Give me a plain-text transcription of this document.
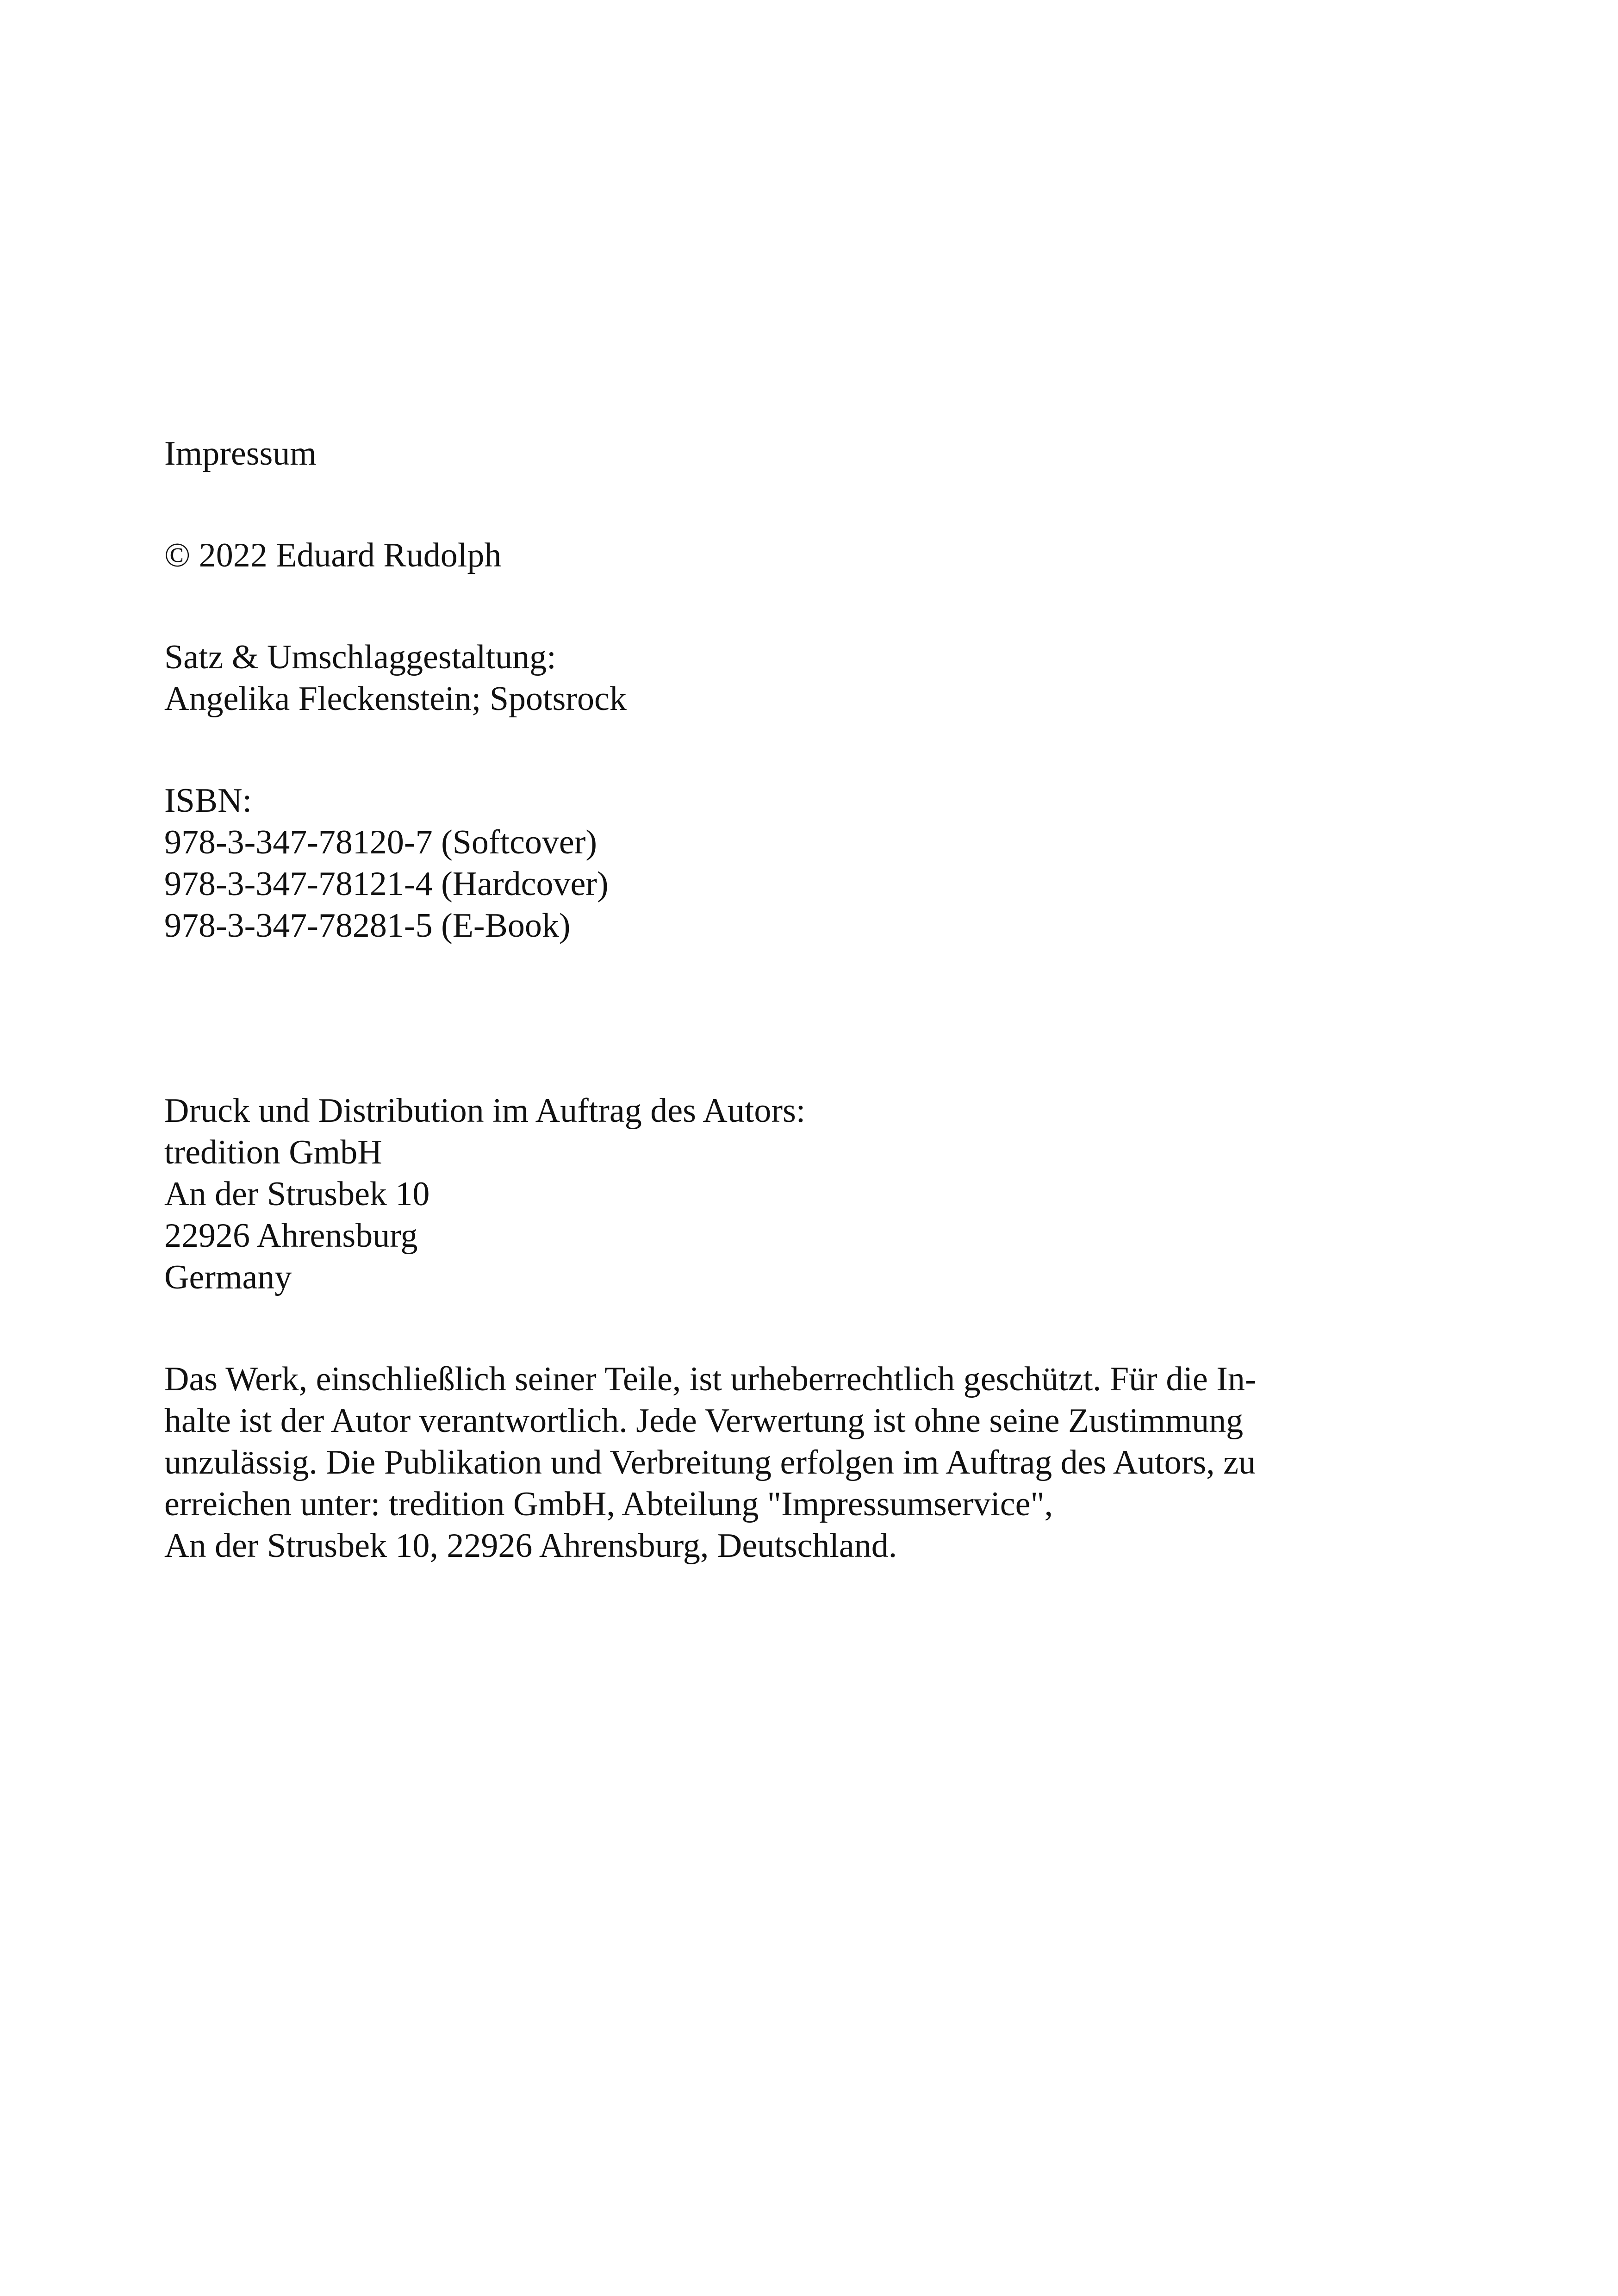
Impressum
© 2022 Eduard Rudolph
Satz & Umschlaggestaltung:
Angelika Fleckenstein; Spotsrock
ISBN:
978-3-347-78120-7 (Softcover)
978-3-347-78121-4 (Hardcover)
978-3-347-78281-5 (E-Book)
Druck und Distribution im Auftrag des Autors:
tredition GmbH
An der Strusbek 10
22926 Ahrensburg
Germany
Das Werk, einschließlich seiner Teile, ist urheberrechtlich geschützt. Für die In-
halte ist der Autor verantwortlich. Jede Verwertung ist ohne seine Zustimmung
unzulässig. Die Publikation und Verbreitung erfolgen im Auftrag des Autors, zu
erreichen unter: tredition GmbH, Abteilung "Impressumservice",
An der Strusbek 10, 22926 Ahrensburg, Deutschland.
